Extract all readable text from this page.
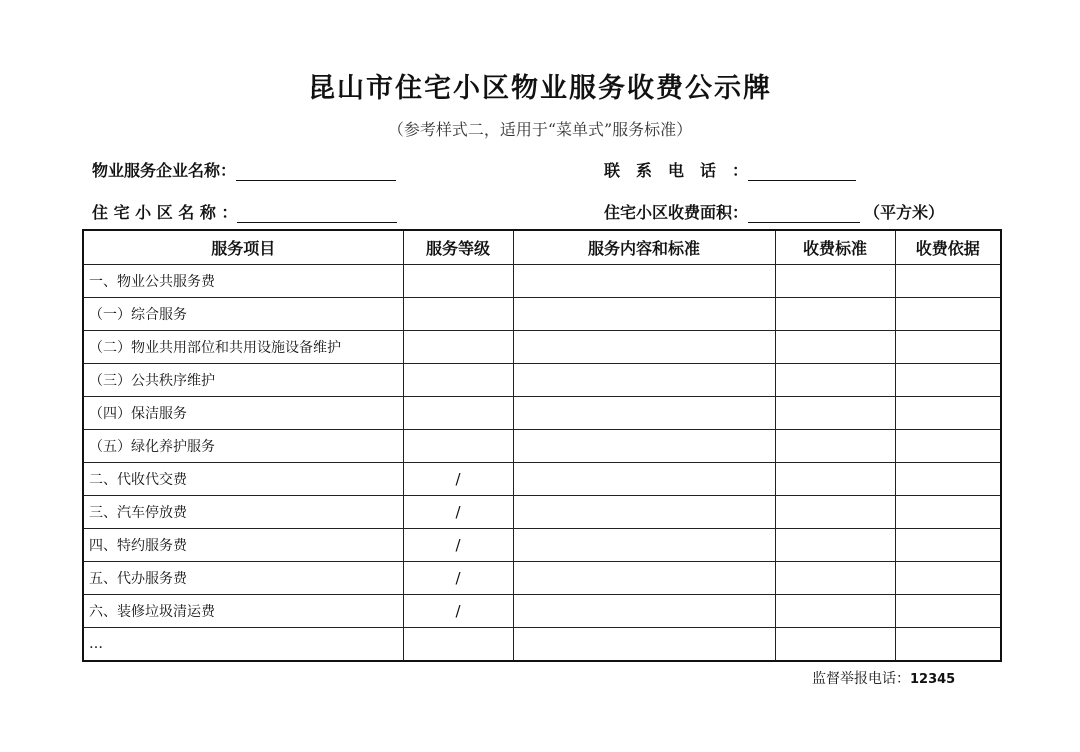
昆山市住宅小区物业服务收费公示牌
（参考样式二，适用于“菜单式”服务标准）
物业服务企业名称：	联　系　电　话　：
住 宅 小 区 名 称 ：	住宅小区收费面积：	（平方米）
服务项目	服务等级	服务内容和标准	收费标准	收费依据
一、物业公共服务费				
（一）综合服务				
（二）物业共用部位和共用设施设备维护				
（三）公共秩序维护				
（四）保洁服务				
（五）绿化养护服务				
二、代收代交费	/			
三、汽车停放费	/			
四、特约服务费	/			
五、代办服务费	/			
六、装修垃圾清运费	/			
…				
监督举报电话：12345
